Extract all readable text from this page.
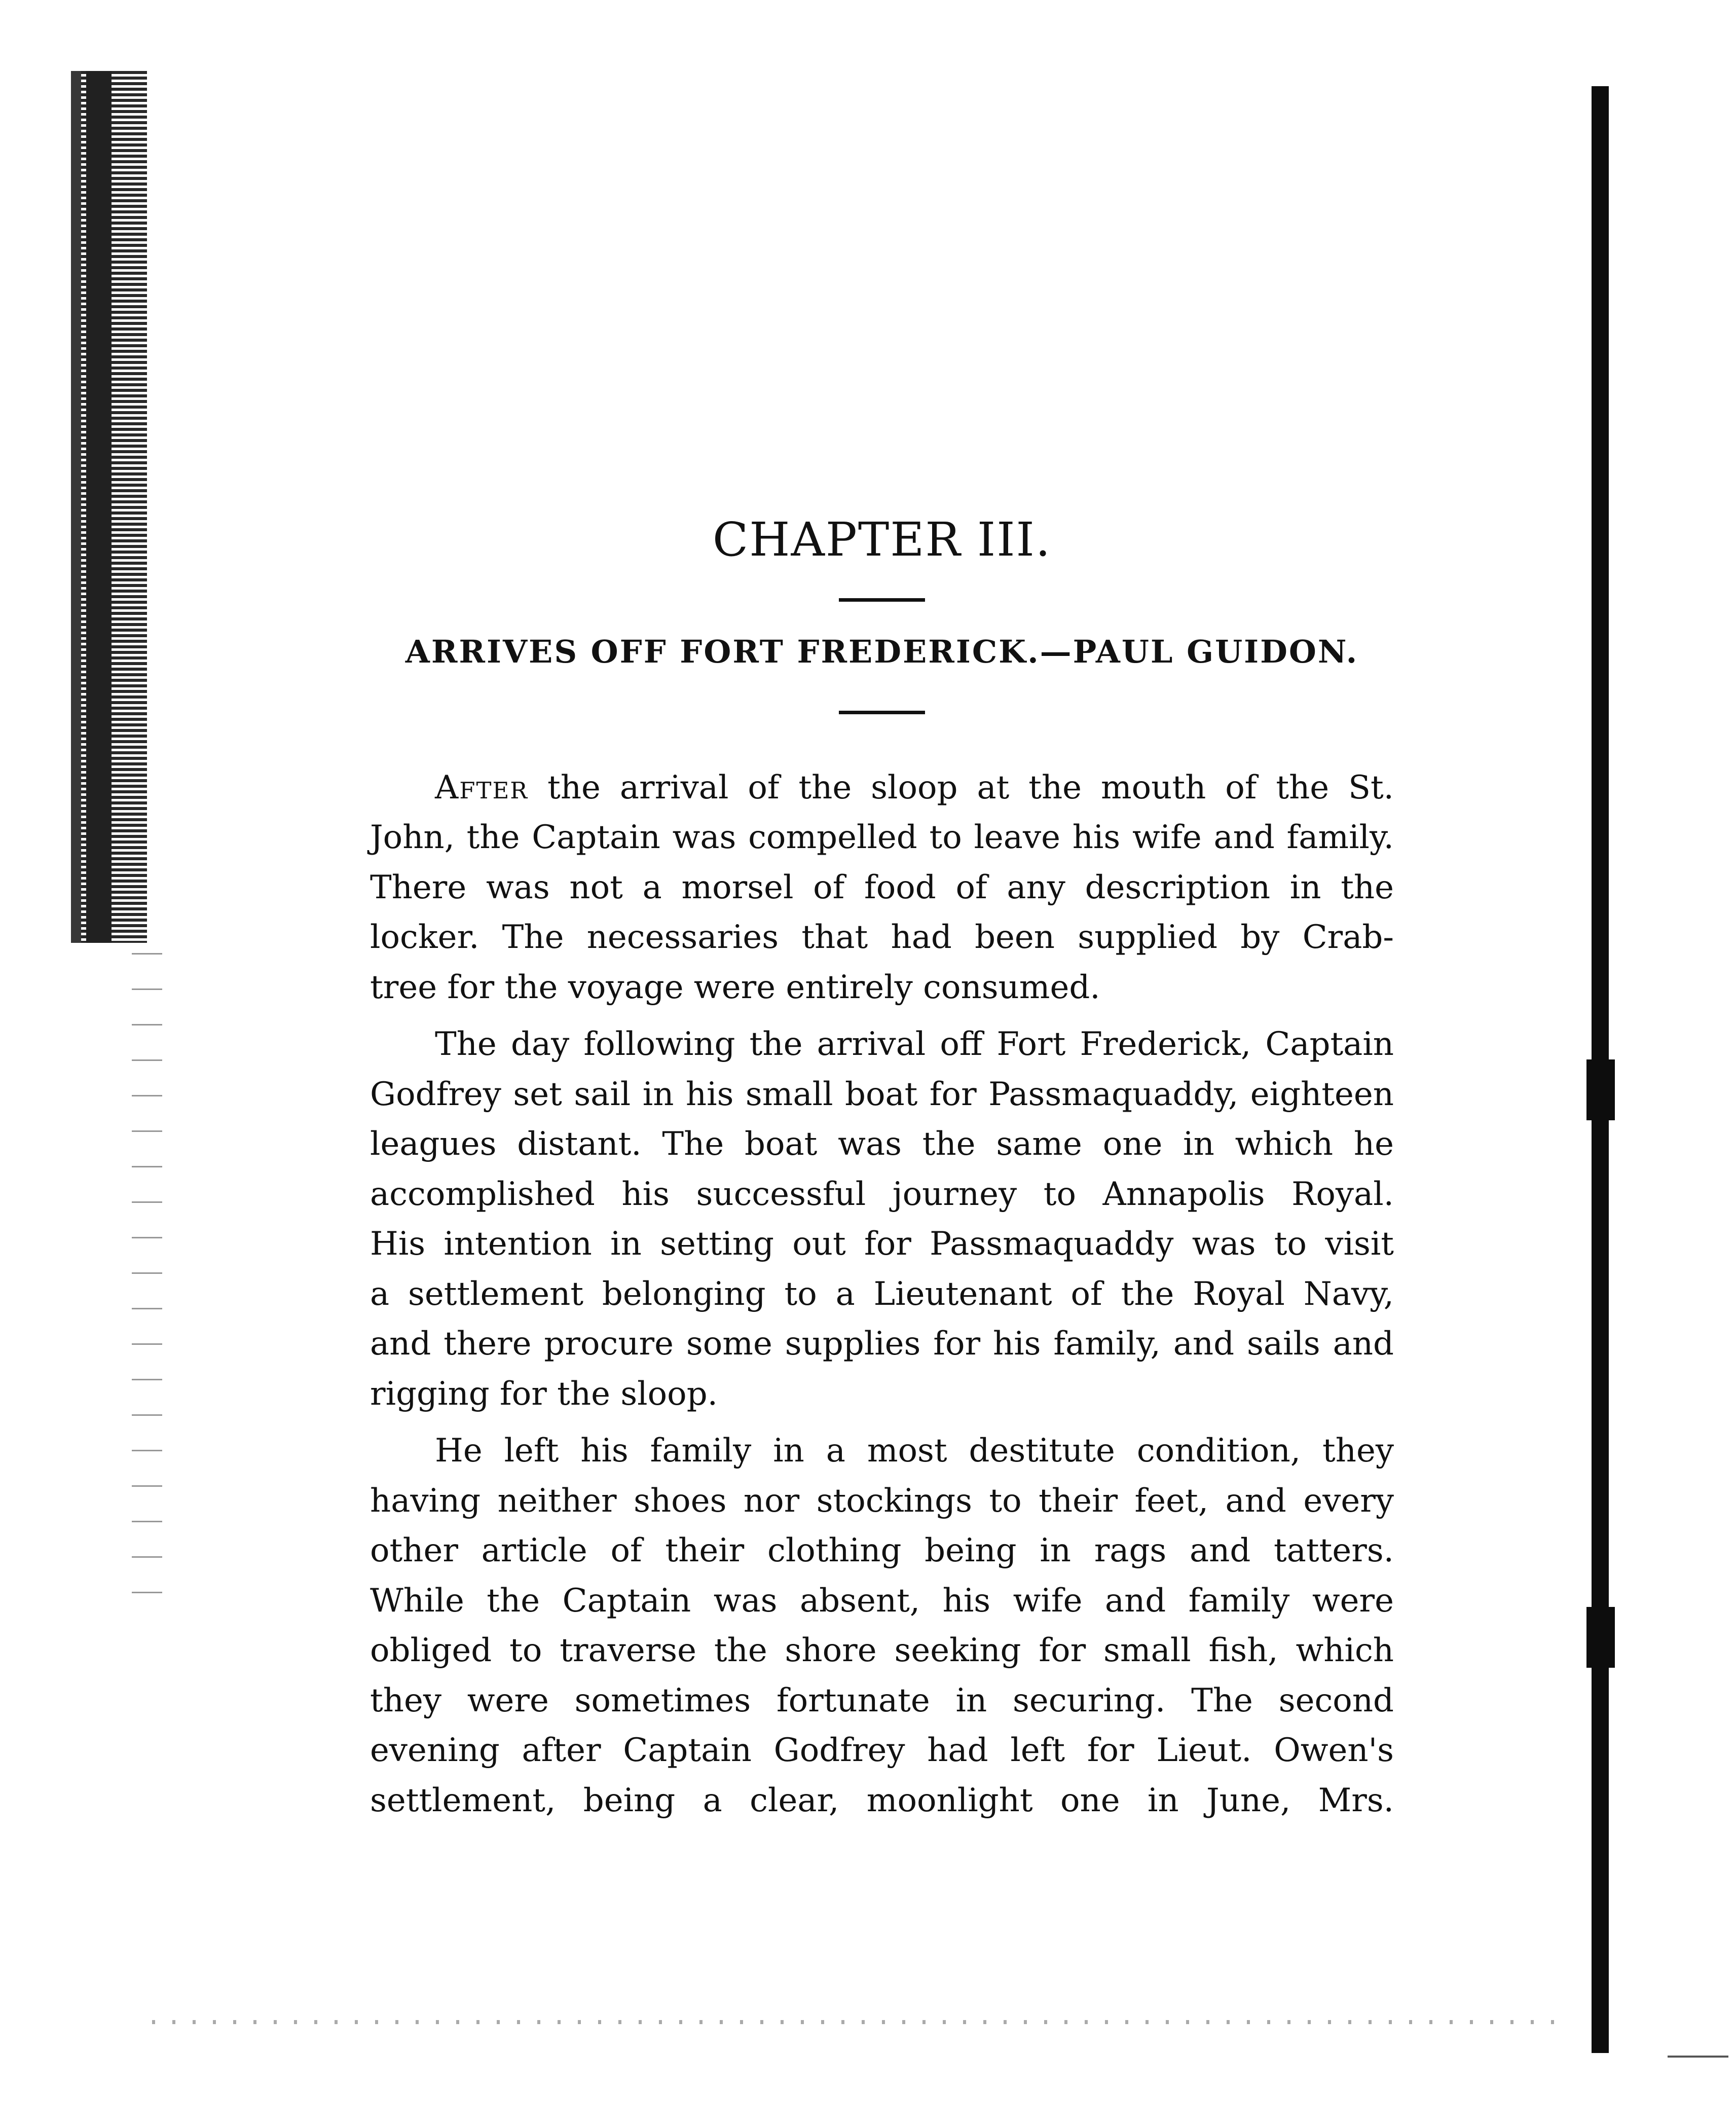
CHAPTER III.
ARRIVES OFF FORT FREDERICK.—PAUL GUIDON.

After the arrival of the sloop at the mouth of the St.
John, the Captain was compelled to leave his wife and family.
There was not a morsel of food of any description in the
locker. The necessaries that had been supplied by Crab-
tree for the voyage were entirely consumed.

The day following the arrival off Fort Frederick, Captain
Godfrey set sail in his small boat for Passmaquaddy, eighteen
leagues distant. The boat was the same one in which he
accomplished his successful journey to Annapolis Royal.
His intention in setting out for Passmaquaddy was to visit
a settlement belonging to a Lieutenant of the Royal Navy,
and there procure some supplies for his family, and sails and
rigging for the sloop.

He left his family in a most destitute condition, they
having neither shoes nor stockings to their feet, and every
other article of their clothing being in rags and tatters.
While the Captain was absent, his wife and family were
obliged to traverse the shore seeking for small fish, which
they were sometimes fortunate in securing. The second
evening after Captain Godfrey had left for Lieut. Owen's
settlement, being a clear, moonlight one in June, Mrs.
